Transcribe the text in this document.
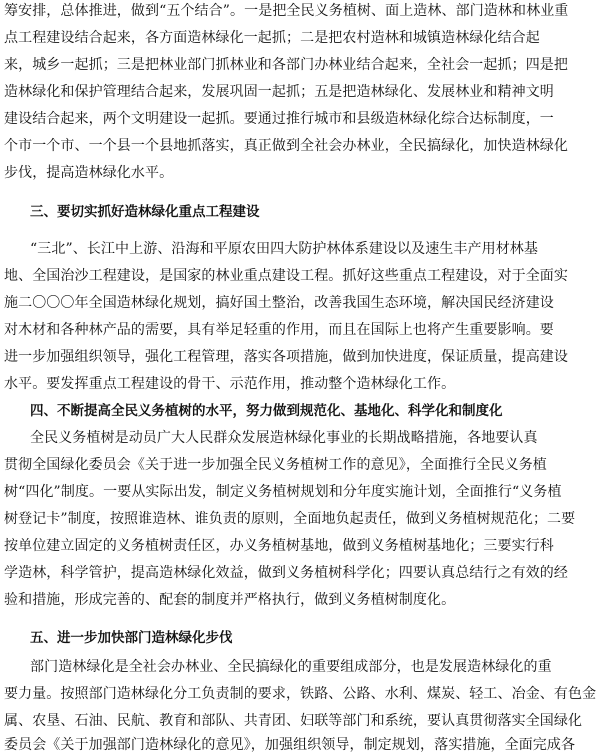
筹安排，总体推进，做到“五个结合”。一是把全民义务植树、面上造林、部门造林和林业重
点工程建设结合起来，各方面造林绿化一起抓；二是把农村造林和城镇造林绿化结合起
来，城乡一起抓；三是把林业部门抓林业和各部门办林业结合起来，全社会一起抓；四是把
造林绿化和保护管理结合起来，发展巩固一起抓；五是把造林绿化、发展林业和精神文明
建设结合起来，两个文明建设一起抓。要通过推行城市和县级造林绿化综合达标制度，一
个市一个市、一个县一个县地抓落实，真正做到全社会办林业，全民搞绿化，加快造林绿化
步伐，提高造林绿化水平。
三、要切实抓好造林绿化重点工程建设
“三北”、长江中上游、沿海和平原农田四大防护林体系建设以及速生丰产用材林基
地、全国治沙工程建设，是国家的林业重点建设工程。抓好这些重点工程建设，对于全面实
施二〇〇〇年全国造林绿化规划，搞好国土整治，改善我国生态环境，解决国民经济建设
对木材和各种林产品的需要，具有举足轻重的作用，而且在国际上也将产生重要影响。要
进一步加强组织领导，强化工程管理，落实各项措施，做到加快进度，保证质量，提高建设
水平。要发挥重点工程建设的骨干、示范作用，推动整个造林绿化工作。
四、不断提高全民义务植树的水平，努力做到规范化、基地化、科学化和制度化
全民义务植树是动员广大人民群众发展造林绿化事业的长期战略措施，各地要认真
贯彻全国绿化委员会《关于进一步加强全民义务植树工作的意见》，全面推行全民义务植
树“四化”制度。一要从实际出发，制定义务植树规划和分年度实施计划，全面推行“义务植
树登记卡”制度，按照谁造林、谁负责的原则，全面地负起责任，做到义务植树规范化；二要
按单位建立固定的义务植树责任区，办义务植树基地，做到义务植树基地化；三要实行科
学造林，科学管护，提高造林绿化效益，做到义务植树科学化；四要认真总结行之有效的经
验和措施，形成完善的、配套的制度并严格执行，做到义务植树制度化。
五、进一步加快部门造林绿化步伐
部门造林绿化是全社会办林业、全民搞绿化的重要组成部分，也是发展造林绿化的重
要力量。按照部门造林绿化分工负责制的要求，铁路、公路、水利、煤炭、轻工、冶金、有色金
属、农垦、石油、民航、教育和部队、共青团、妇联等部门和系统，要认真贯彻落实全国绿化
委员会《关于加强部门造林绿化的意见》，加强组织领导，制定规划，落实措施，全面完成各
